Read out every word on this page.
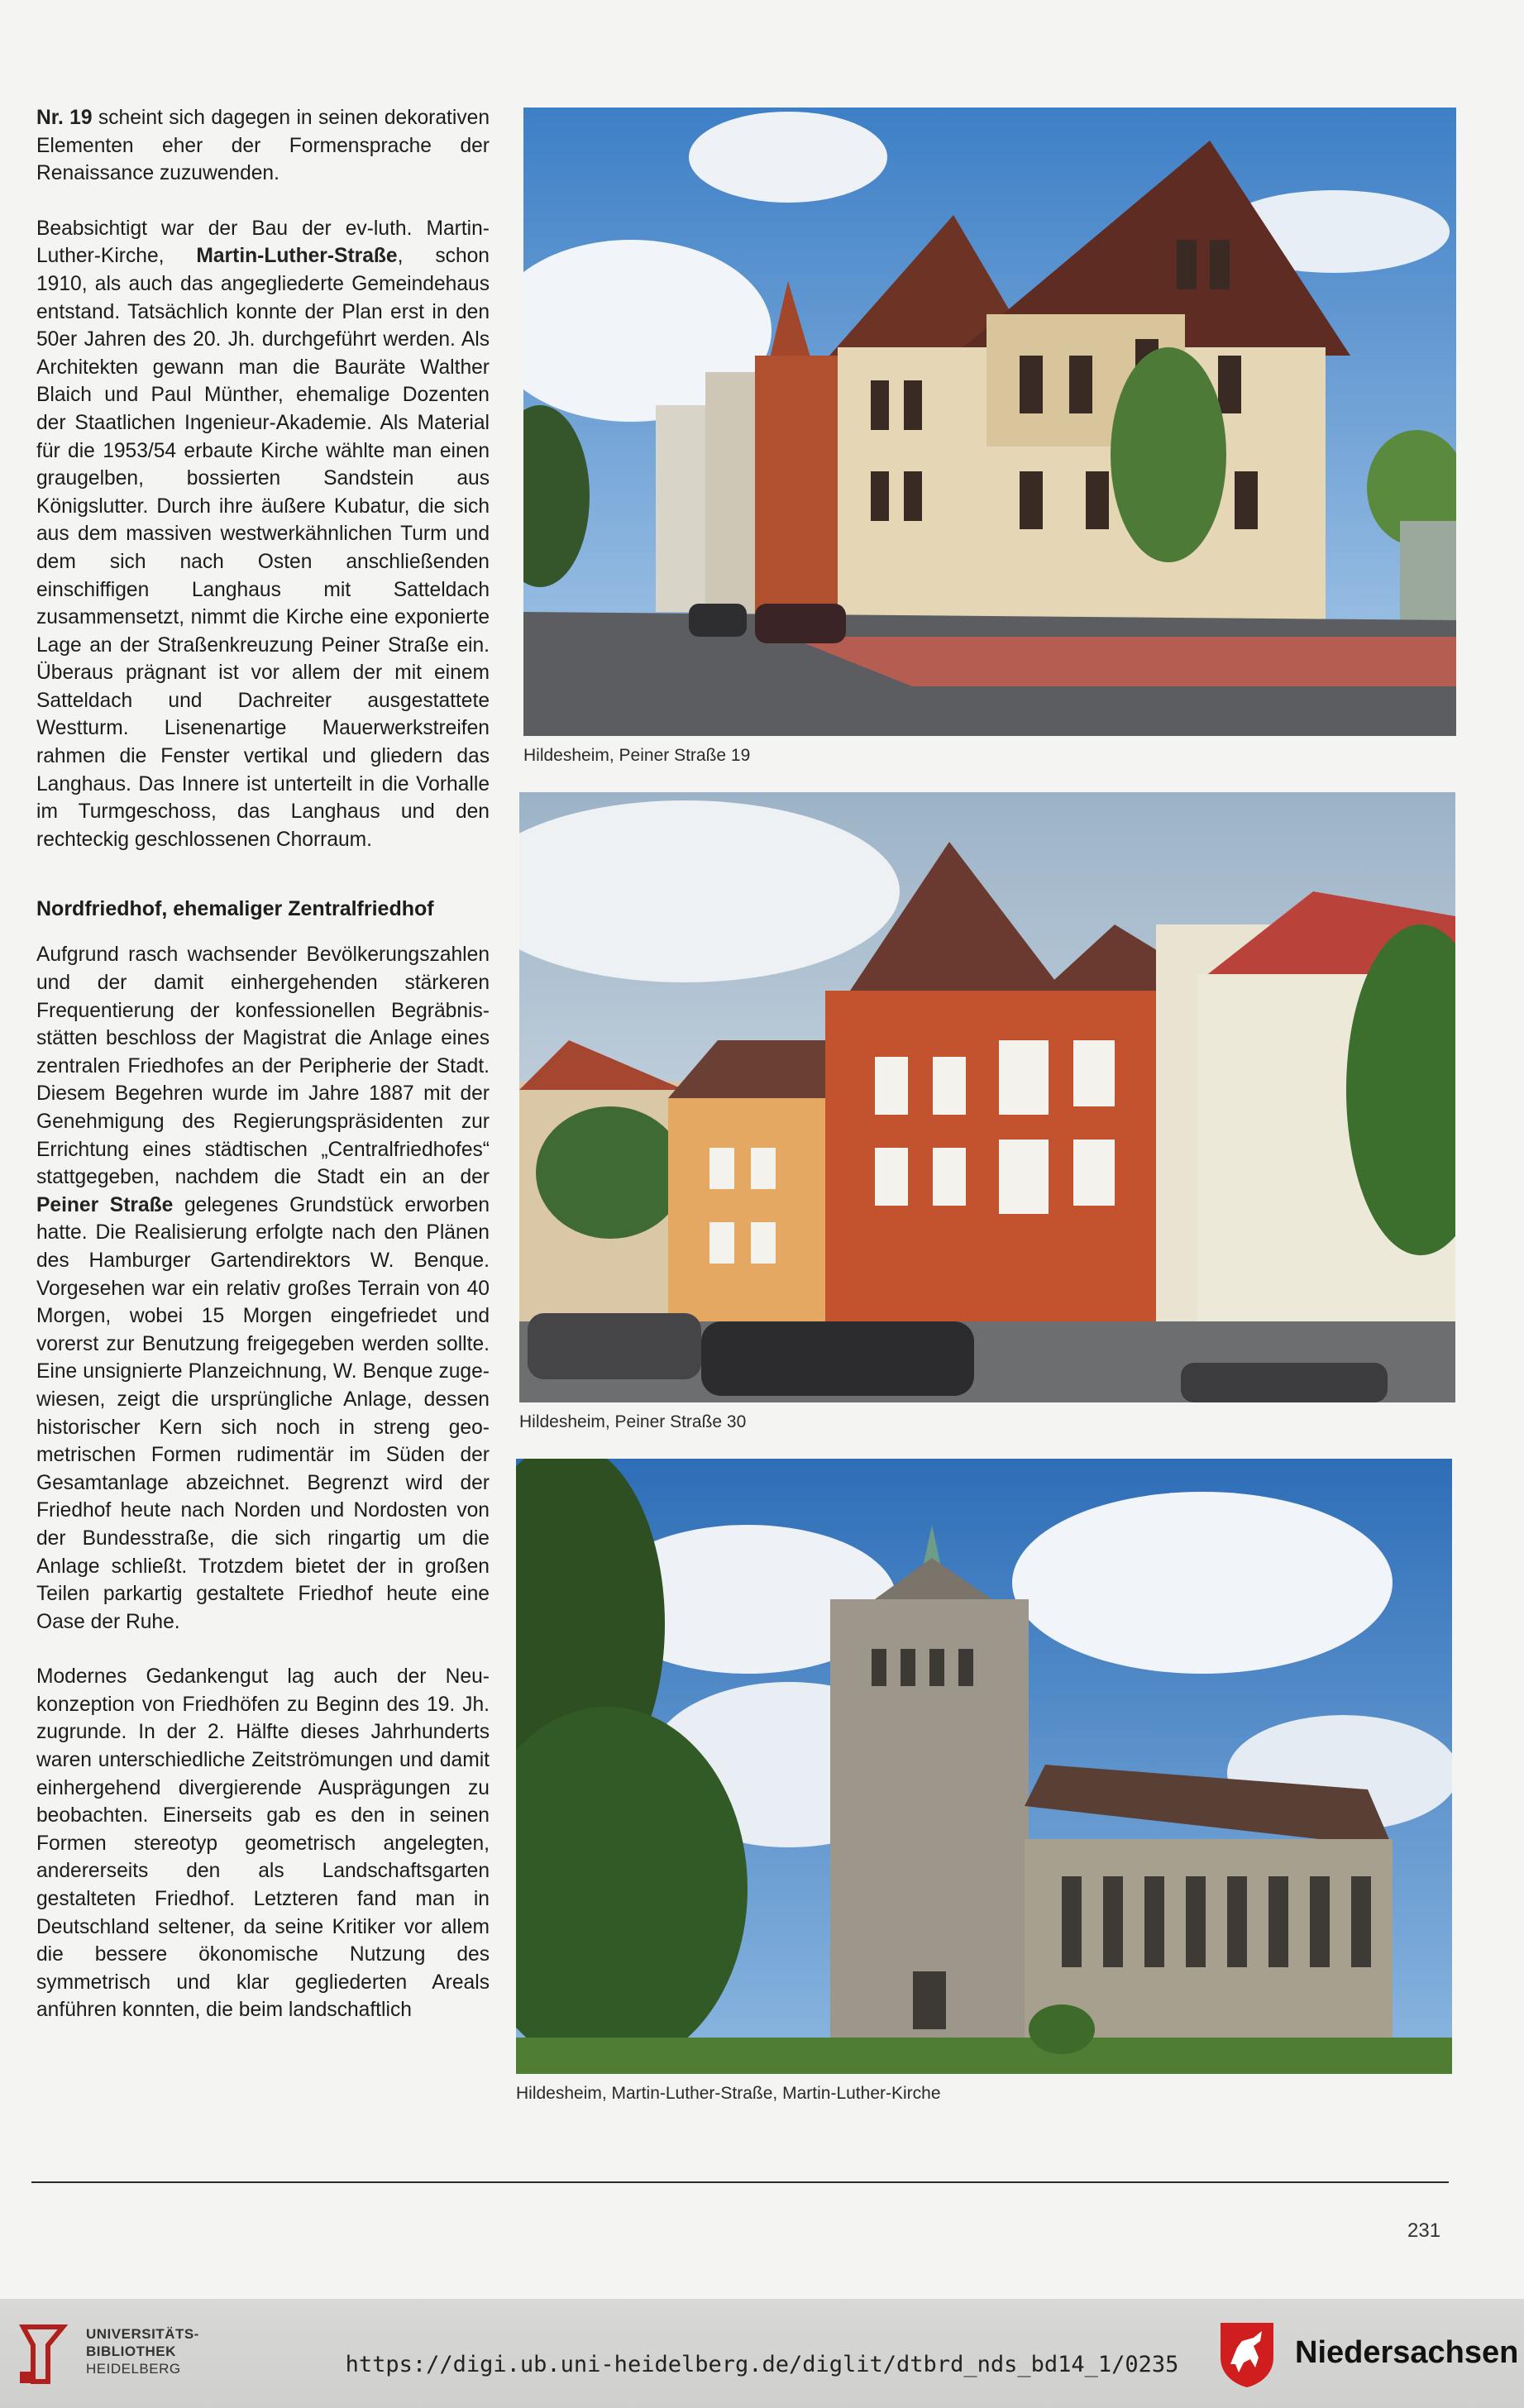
Nr. 19 scheint sich dagegen in seinen dekorativen Elementen eher der Formensprache der Renaissance zuzuwenden.

Beabsichtigt war der Bau der ev-luth. Martin-Luther-Kirche, Martin-Luther-Straße, schon 1910, als auch das angegliederte Gemeindehaus entstand. Tatsächlich konnte der Plan erst in den 50er Jahren des 20. Jh. durchgeführt werden. Als Architekten gewann man die Bauräte Walther Blaich und Paul Münther, ehemalige Dozenten der Staatlichen Ingenieur-Akademie. Als Material für die 1953/54 erbaute Kirche wählte man einen graugelben, bossierten Sandstein aus Königslutter. Durch ihre äußere Kubatur, die sich aus dem massiven westwerkähnlichen Turm und dem sich nach Osten anschließenden einschiffigen Langhaus mit Satteldach zusammensetzt, nimmt die Kirche eine exponierte Lage an der Straßenkreuzung Peiner Straße ein. Überaus prägnant ist vor allem der mit einem Satteldach und Dachreiter ausgestattete Westturm. Lisenenartige Mauerwerkstreifen rahmen die Fenster vertikal und gliedern das Langhaus. Das Innere ist unterteilt in die Vorhalle im Turmgeschoss, das Langhaus und den rechteckig geschlossenen Chorraum.

Nordfriedhof, ehemaliger Zentralfriedhof

Aufgrund rasch wachsender Bevölkerungszahlen und der damit einhergehenden stärkeren Frequentierung der konfessionellen Begräbnisstätten beschloss der Magistrat die Anlage eines zentralen Friedhofes an der Peripherie der Stadt. Diesem Begehren wurde im Jahre 1887 mit der Genehmigung des Regierungspräsidenten zur Errichtung eines städtischen „Centralfriedhofes“ stattgegeben, nachdem die Stadt ein an der Peiner Straße gelegenes Grundstück erworben hatte. Die Realisierung erfolgte nach den Plänen des Hamburger Gartendirektors W. Benque. Vorgesehen war ein relativ großes Terrain von 40 Morgen, wobei 15 Morgen eingefriedet und vorerst zur Benutzung freigegeben werden sollte. Eine unsignierte Planzeichnung, W. Benque zugewiesen, zeigt die ursprüngliche Anlage, dessen historischer Kern sich noch in streng geometrischen Formen rudimentär im Süden der Gesamtanlage abzeichnet. Begrenzt wird der Friedhof heute nach Norden und Nordosten von der Bundesstraße, die sich ringartig um die Anlage schließt. Trotzdem bietet der in großen Teilen parkartig gestaltete Friedhof heute eine Oase der Ruhe.

Modernes Gedankengut lag auch der Neukonzeption von Friedhöfen zu Beginn des 19. Jh. zugrunde. In der 2. Hälfte dieses Jahrhunderts waren unterschiedliche Zeitströmungen und damit einhergehend divergierende Ausprägungen zu beobachten. Einerseits gab es den in seinen Formen stereotyp geometrisch angelegten, andererseits den als Landschaftsgarten gestalteten Friedhof. Letzteren fand man in Deutschland seltener, da seine Kritiker vor allem die bessere ökonomische Nutzung des symmetrisch und klar gegliederten Areals anführen konnten, die beim landschaftlich

Hildesheim, Peiner Straße 19
Hildesheim, Peiner Straße 30
Hildesheim, Martin-Luther-Straße, Martin-Luther-Kirche
231
UNIVERSITÄTS-
BIBLIOTHEK
HEIDELBERG	https://digi.ub.uni-heidelberg.de/diglit/dtbrd_nds_bd14_1/0235	Niedersachsen
